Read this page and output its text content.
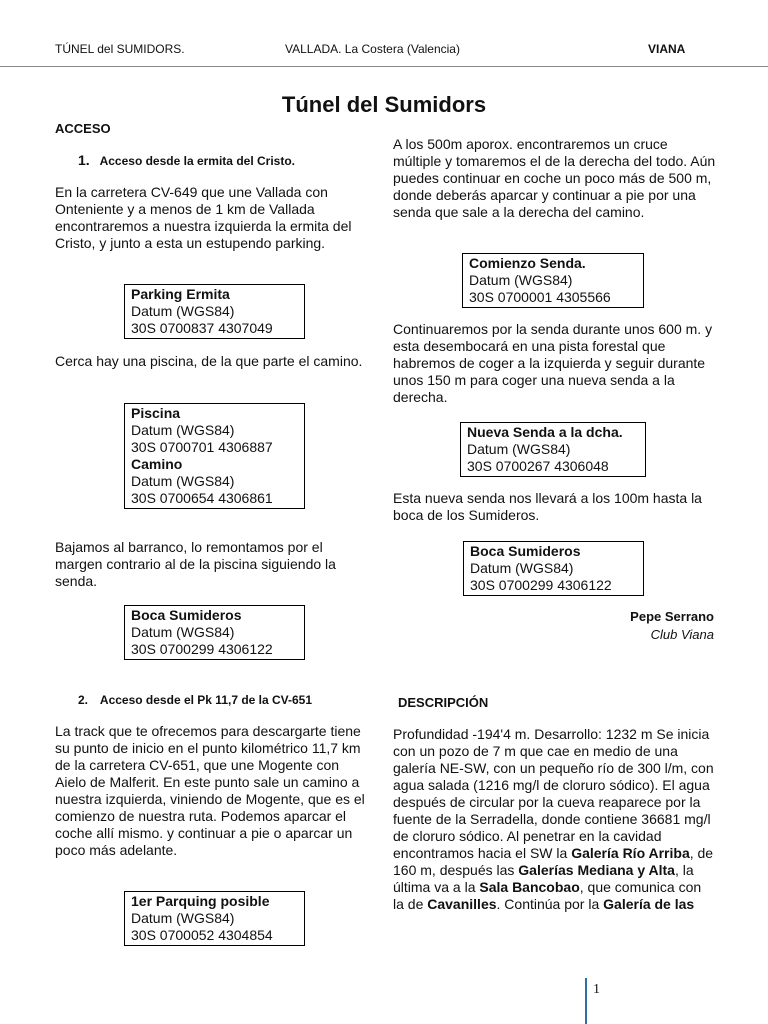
TÚNEL del SUMIDORS.	VALLADA. La Costera (Valencia)	VIANA
Túnel del Sumidors
ACCESO
1. Acceso desde la ermita del Cristo.

En la carretera CV-649 que une Vallada con Onteniente y a menos de 1 km de Vallada encontraremos a nuestra izquierda la ermita del Cristo, y junto a esta un estupendo parking.

Parking Ermita
Datum (WGS84)
30S 0700837 4307049

Cerca hay una piscina, de la que parte el camino.

Piscina
Datum (WGS84)
30S 0700701 4306887
Camino
Datum (WGS84)
30S 0700654 4306861

Bajamos al barranco, lo remontamos por el margen contrario al de la piscina siguiendo la senda.

Boca Sumideros
Datum (WGS84)
30S 0700299 4306122
2. Acceso desde el Pk 11,7 de la CV-651

La track que te ofrecemos para descargarte tiene su punto de inicio en el punto kilométrico 11,7 km de la carretera CV-651, que une Mogente con Aielo de Malferit. En este punto sale un camino a nuestra izquierda, viniendo de Mogente, que es el comienzo de nuestra ruta. Podemos aparcar el coche allí mismo. y continuar a pie o aparcar un poco más adelante.

1er Parquing posible
Datum (WGS84)
30S 0700052 4304854

A los 500m aporox. encontraremos un cruce múltiple y tomaremos el de la derecha del todo. Aún puedes continuar en coche un poco más de 500 m, donde deberás aparcar y continuar a pie por una senda que sale a la derecha del camino.

Comienzo Senda.
Datum (WGS84)
30S 0700001 4305566

Continuaremos por la senda durante unos 600 m. y esta desembocará en una pista forestal que habremos de coger a la izquierda y seguir durante unos 150 m para coger una nueva senda a la derecha.

Nueva Senda a la dcha.
Datum (WGS84)
30S 0700267 4306048

Esta nueva senda nos llevará a los 100m hasta la boca de los Sumideros.

Boca Sumideros
Datum (WGS84)
30S 0700299 4306122
Pepe Serrano
Club Viana
DESCRIPCIÓN

Profundidad -194'4 m. Desarrollo: 1232 m Se inicia con un pozo de 7 m que cae en medio de una galería NE-SW, con un pequeño río de 300 l/m, con agua salada (1216 mg/l de cloruro sódico). El agua después de circular por la cueva reaparece por la fuente de la Serradella, donde contiene 36681 mg/l de cloruro sódico. Al penetrar en la cavidad encontramos hacia el SW la Galería Río Arriba, de 160 m, después las Galerías Mediana y Alta, la última va a la Sala Bancobao, que comunica con la de Cavanilles. Continúa por la Galería de las

1
